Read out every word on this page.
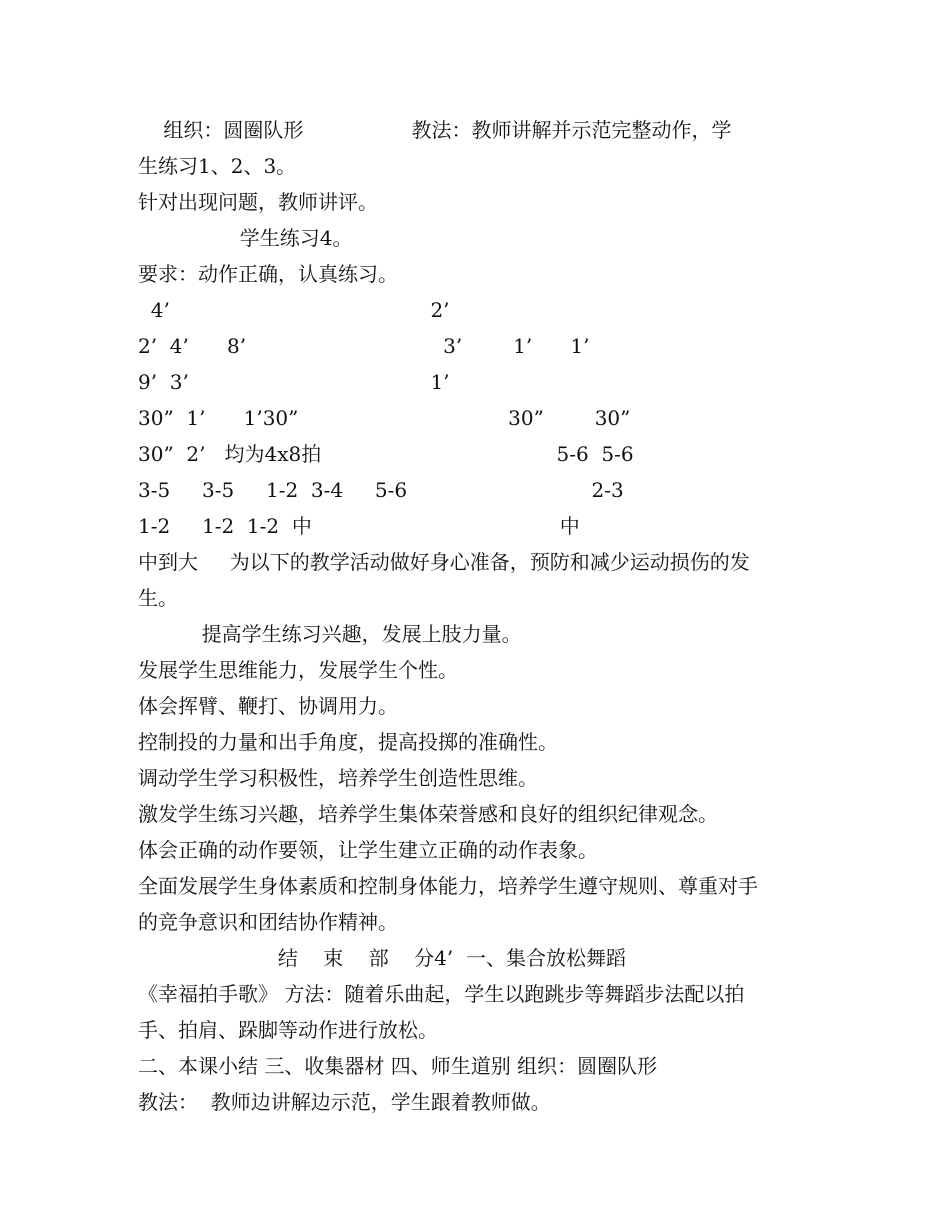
组织：圆圈队形                 教法：教师讲解并示范完整动作，学
生练习1、2、3。
针对出现问题，教师讲评。
学生练习4。
要求：动作正确，认真练习。
4’                                         2’
2’  4’      8’                               3’        1’      1’
9’  3’                                      1’
30”  1’      1’30”                                 30”        30”
30”  2’   均为4x8拍                                     5-6  5-6
3-5     3-5     1-2  3-4     5-6                             2-3
1-2     1-2  1-2  中                                       中
中到大     为以下的教学活动做好身心准备，预防和减少运动损伤的发
生。
提高学生练习兴趣，发展上肢力量。
发展学生思维能力，发展学生个性。
体会挥臂、鞭打、协调用力。
控制投的力量和出手角度，提高投掷的准确性。
调动学生学习积极性，培养学生创造性思维。
激发学生练习兴趣，培养学生集体荣誉感和良好的组织纪律观念。
体会正确的动作要领，让学生建立正确的动作表象。
全面发展学生身体素质和控制身体能力，培养学生遵守规则、尊重对手
的竞争意识和团结协作精神。
结    束    部    分4’  一、集合放松舞蹈
《幸福拍手歌》 方法：随着乐曲起，学生以跑跳步等舞蹈步法配以拍
手、拍肩、跺脚等动作进行放松。
二、本课小结 三、收集器材 四、师生道别 组织：圆圈队形
教法：  教师边讲解边示范，学生跟着教师做。
